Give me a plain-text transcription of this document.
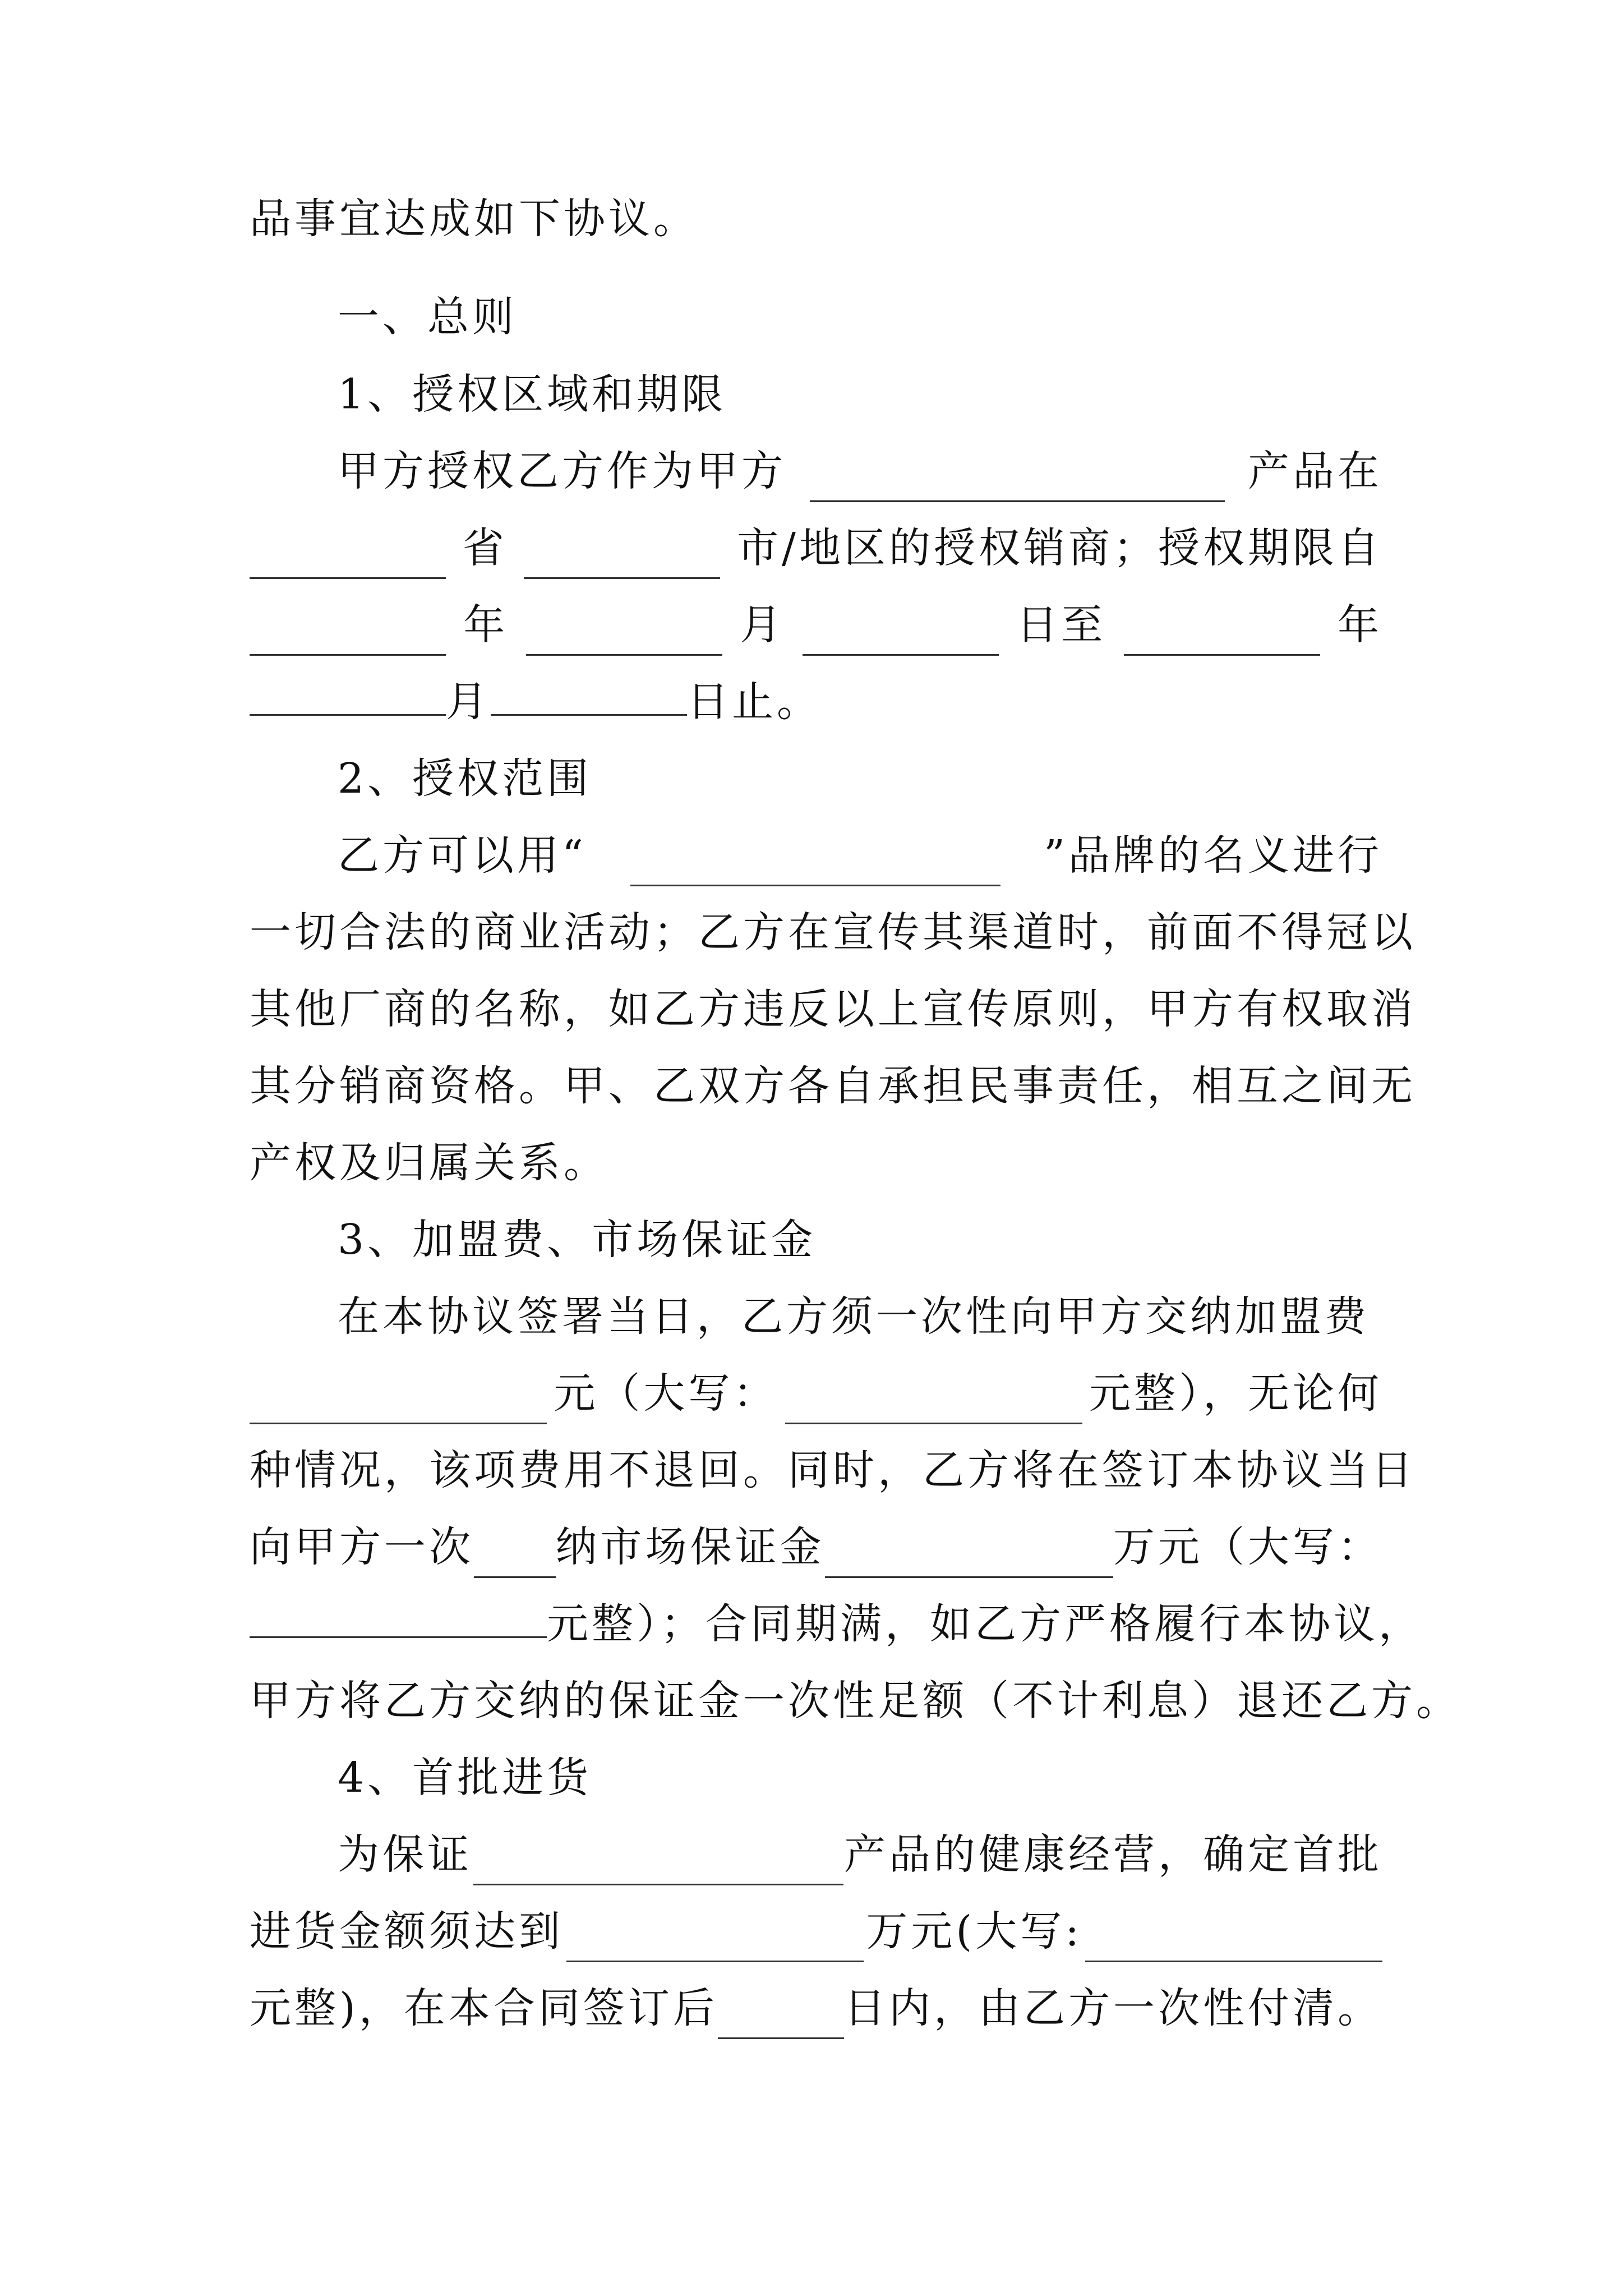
品事宜达成如下协议。
一、总则
1、授权区域和期限
甲方授权乙方作为甲方	产品在
省	市/地区的授权销商；授权期限自
年	月	日至	年
月	日止。
2、授权范围
乙方可以用“	”品牌的名义进行
一切合法的商业活动；乙方在宣传其渠道时，前面不得冠以
其他厂商的名称，如乙方违反以上宣传原则，甲方有权取消
其分销商资格。甲、乙双方各自承担民事责任，相互之间无
产权及归属关系。
3、加盟费、市场保证金
在本协议签署当日，乙方须一次性向甲方交纳加盟费
元（大写：	元整），无论何
种情况，该项费用不退回。同时，乙方将在签订本协议当日
向甲方一次 纳市场保证金	万元（大写：
元整）；合同期满，如乙方严格履行本协议，
甲方将乙方交纳的保证金一次性足额（不计利息）退还乙方。
4、首批进货
为保证	产品的健康经营，确定首批
进货金额须达到	万元(大写:
元整)，在本合同签订后	日内，由乙方一次性付清。
